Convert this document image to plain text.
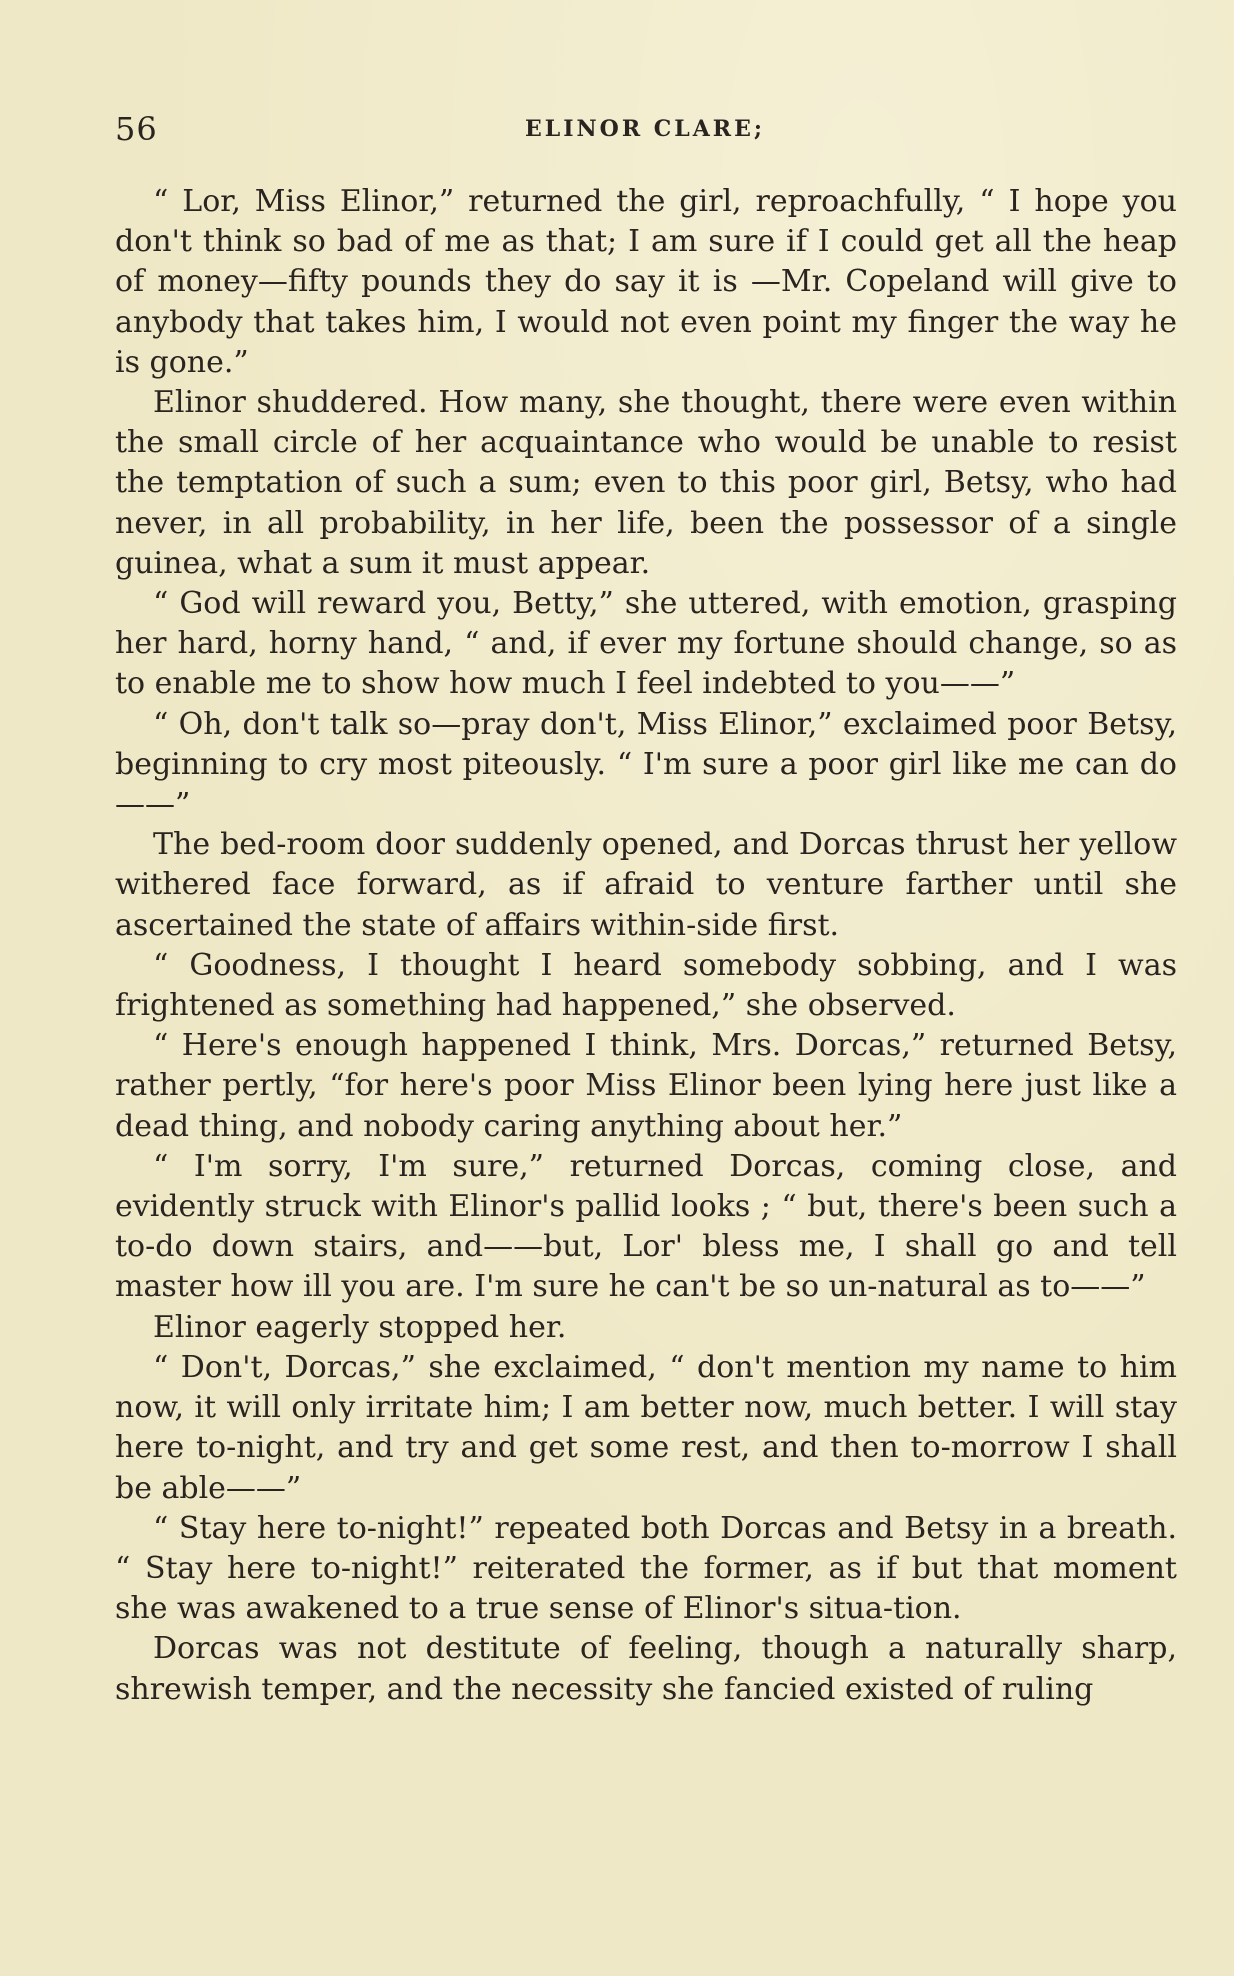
56	ELINOR CLARE;

“ Lor, Miss Elinor,” returned the girl, reproachfully, “ I hope you don't think so bad of me as that; I am sure if I could get all the heap of money—fifty pounds they do say it is —Mr. Copeland will give to anybody that takes him, I would not even point my finger the way he is gone.”

Elinor shuddered. How many, she thought, there were even within the small circle of her acquaintance who would be unable to resist the temptation of such a sum; even to this poor girl, Betsy, who had never, in all probability, in her life, been the possessor of a single guinea, what a sum it must appear.

“ God will reward you, Betty,” she uttered, with emotion, grasping her hard, horny hand, “ and, if ever my fortune should change, so as to enable me to show how much I feel indebted to you——”

“ Oh, don't talk so—pray don't, Miss Elinor,” exclaimed poor Betsy, beginning to cry most piteously. “ I'm sure a poor girl like me can do——”

The bed-room door suddenly opened, and Dorcas thrust her yellow withered face forward, as if afraid to venture farther until she ascertained the state of affairs within-side first.

“ Goodness, I thought I heard somebody sobbing, and I was frightened as something had happened,” she observed.

“ Here's enough happened I think, Mrs. Dorcas,” returned Betsy, rather pertly, “for here's poor Miss Elinor been lying here just like a dead thing, and nobody caring anything about her.”

“ I'm sorry, I'm sure,” returned Dorcas, coming close, and evidently struck with Elinor's pallid looks ; “ but, there's been such a to-do down stairs, and——but, Lor' bless me, I shall go and tell master how ill you are. I'm sure he can't be so un-natural as to——”

Elinor eagerly stopped her.

“ Don't, Dorcas,” she exclaimed, “ don't mention my name to him now, it will only irritate him; I am better now, much better. I will stay here to-night, and try and get some rest, and then to-morrow I shall be able——”

“ Stay here to-night!” repeated both Dorcas and Betsy in a breath. “ Stay here to-night!” reiterated the former, as if but that moment she was awakened to a true sense of Elinor's situa-tion.

Dorcas was not destitute of feeling, though a naturally sharp, shrewish temper, and the necessity she fancied existed of ruling
